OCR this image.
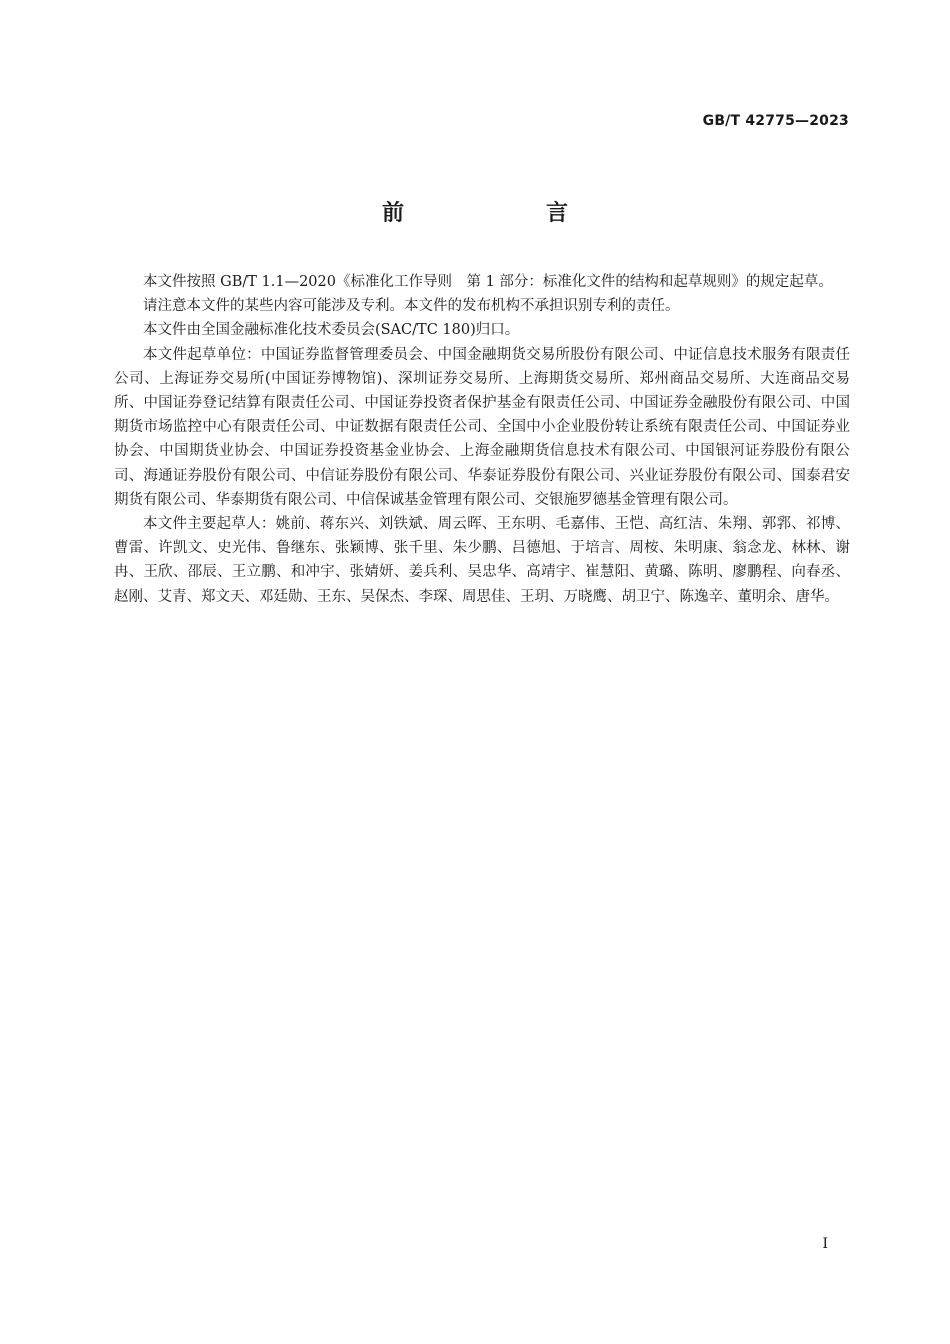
GB/T 42775—2023
前　言

本文件按照 GB/T 1.1—2020《标准化工作导则　第 1 部分：标准化文件的结构和起草规则》的规定起草。

请注意本文件的某些内容可能涉及专利。本文件的发布机构不承担识别专利的责任。

本文件由全国金融标准化技术委员会(SAC/TC 180)归口。

本文件起草单位：中国证券监督管理委员会、中国金融期货交易所股份有限公司、中证信息技术服务有限责任公司、上海证券交易所(中国证券博物馆)、深圳证券交易所、上海期货交易所、郑州商品交易所、大连商品交易所、中国证券登记结算有限责任公司、中国证券投资者保护基金有限责任公司、中国证券金融股份有限公司、中国期货市场监控中心有限责任公司、中证数据有限责任公司、全国中小企业股份转让系统有限责任公司、中国证券业协会、中国期货业协会、中国证券投资基金业协会、上海金融期货信息技术有限公司、中国银河证券股份有限公司、海通证券股份有限公司、中信证券股份有限公司、华泰证券股份有限公司、兴业证券股份有限公司、国泰君安期货有限公司、华泰期货有限公司、中信保诚基金管理有限公司、交银施罗德基金管理有限公司。

本文件主要起草人：姚前、蒋东兴、刘铁斌、周云晖、王东明、毛嘉伟、王恺、高红洁、朱翔、郭郛、祁博、曹雷、许凯文、史光伟、鲁继东、张颖博、张千里、朱少鹏、吕德旭、于培言、周桉、朱明康、翁念龙、林林、谢冉、王欣、邵辰、王立鹏、和冲宇、张婧妍、姜兵利、吴忠华、高靖宇、崔慧阳、黄璐、陈明、廖鹏程、向春丞、赵刚、艾青、郑文天、邓廷勋、王东、吴保杰、李琛、周思佳、王玥、万晓鹰、胡卫宁、陈逸辛、董明余、唐华。

I
